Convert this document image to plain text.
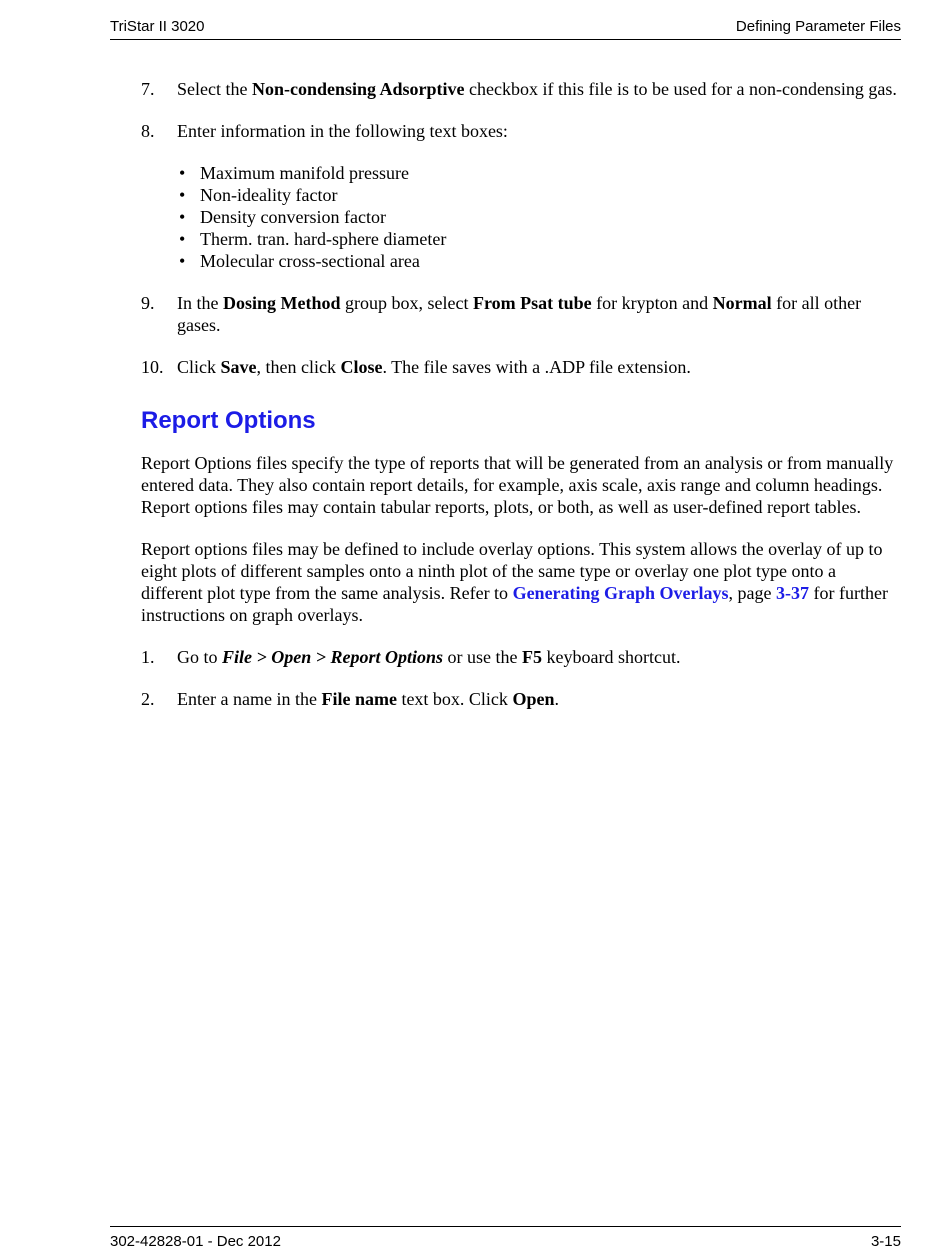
TriStar II 3020	Defining Parameter Files
7. Select the Non-condensing Adsorptive checkbox if this file is to be used for a non-condensing gas.
8. Enter information in the following text boxes:
• Maximum manifold pressure
• Non-ideality factor
• Density conversion factor
• Therm. tran. hard-sphere diameter
• Molecular cross-sectional area
9. In the Dosing Method group box, select From Psat tube for krypton and Normal for all other gases.
10. Click Save, then click Close. The file saves with a .ADP file extension.
Report Options

Report Options files specify the type of reports that will be generated from an analysis or from manually entered data. They also contain report details, for example, axis scale, axis range and column headings. Report options files may contain tabular reports, plots, or both, as well as user-defined report tables.

Report options files may be defined to include overlay options. This system allows the overlay of up to eight plots of different samples onto a ninth plot of the same type or overlay one plot type onto a different plot type from the same analysis. Refer to Generating Graph Overlays, page 3-37 for further instructions on graph overlays.

1. Go to File > Open > Report Options or use the F5 keyboard shortcut.
2. Enter a name in the File name text box. Click Open.
302-42828-01 - Dec 2012	3-15
